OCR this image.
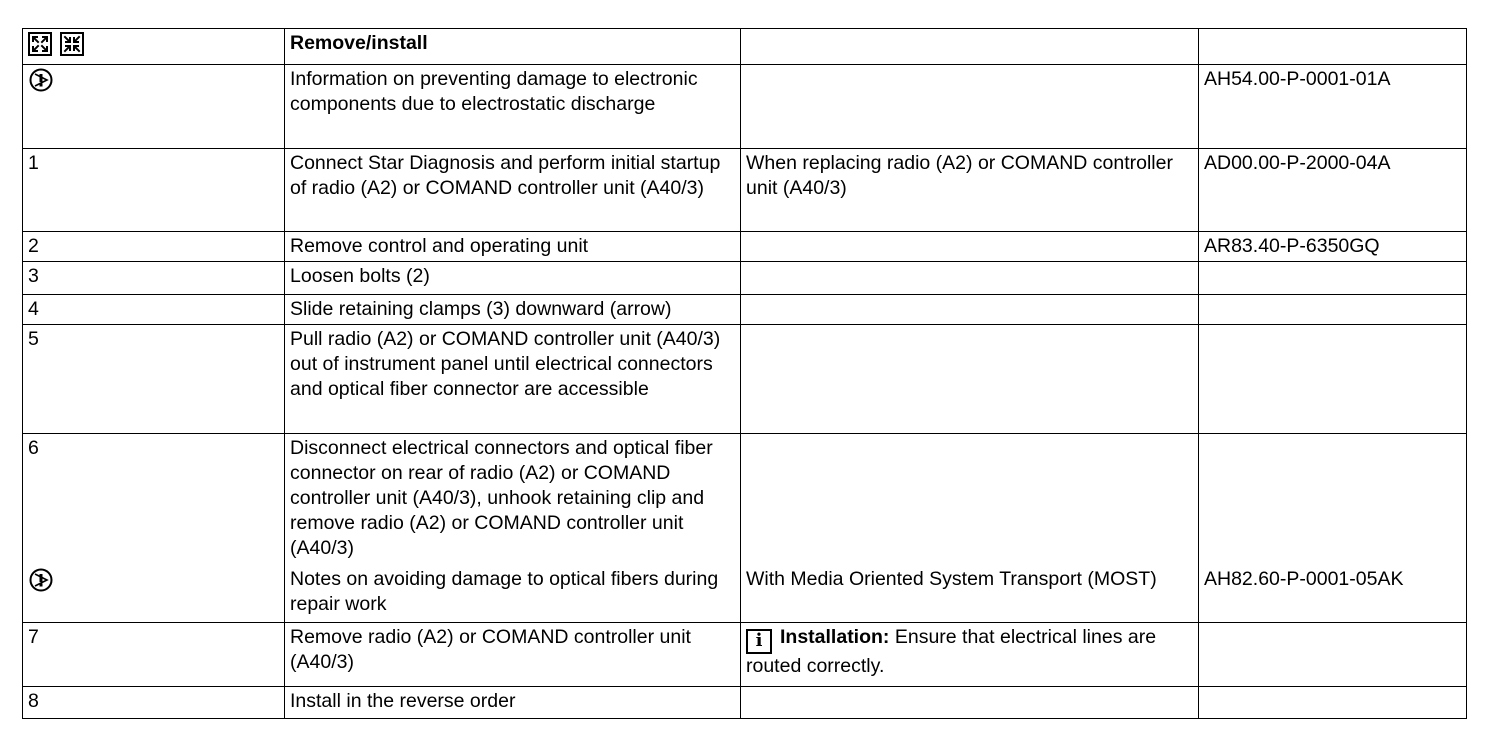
	Remove/install		
	Information on preventing damage to electronic components due to electrostatic discharge		AH54.00-P-0001-01A
1	Connect Star Diagnosis and perform initial startup of radio (A2) or COMAND controller unit (A40/3)	When replacing radio (A2) or COMAND controller unit (A40/3)	AD00.00-P-2000-04A
2	Remove control and operating unit		AR83.40-P-6350GQ
3	Loosen bolts (2)		
4	Slide retaining clamps (3) downward (arrow)		
5	Pull radio (A2) or COMAND controller unit (A40/3) out of instrument panel until electrical connectors and optical fiber connector are accessible		

6	Disconnect electrical connectors and optical fiber connector on rear of radio (A2) or COMAND controller unit (A40/3), unhook retaining clip and remove radio (A2) or COMAND controller unit (A40/3)
Notes on avoiding damage to optical fibers during repair work	With Media Oriented System Transport (MOST)	AH82.60-P-0001-05AK

7	Remove radio (A2) or COMAND controller unit (A40/3)	i Installation: Ensure that electrical lines are routed correctly.	
8	Install in the reverse order		
